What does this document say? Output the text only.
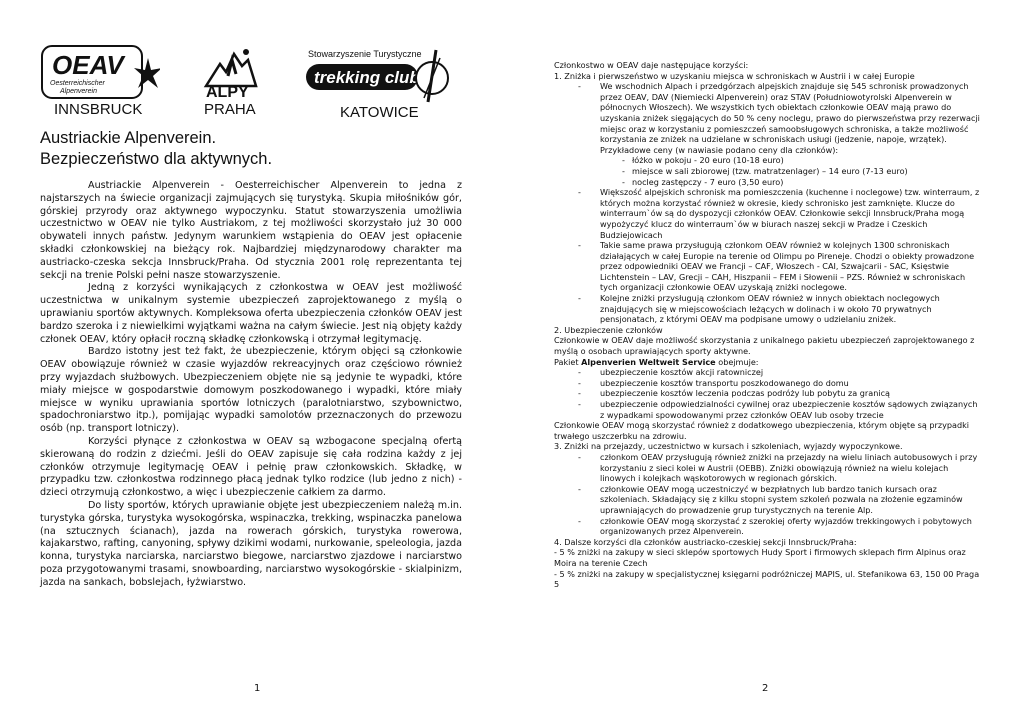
OEAV
Oesterreichischer
Alpenverein
INNSBRUCK
ALPY
PRAHA
Stowarzyszenie Turystyczne
trekking club
KATOWICE
Austriackie Alpenverein.
Bezpieczeństwo dla aktywnych.

Austriackie Alpenverein - Oesterreichischer Alpenverein to jedna z najstarszych na świecie organizacji zajmujących się turystyką. Skupia miłośników gór, górskiej przyrody oraz aktywnego wypoczynku. Statut stowarzyszenia umożliwia uczestnictwo w OEAV nie tylko Austriakom, z tej możliwości skorzystało już 30 000 obywateli innych państw. Jedynym warunkiem wstąpienia do OEAV jest opłacenie składki członkowskiej na bieżący rok. Najbardziej międzynarodowy charakter ma austriacko-czeska sekcja Innsbruck/Praha. Od stycznia 2001 rolę reprezentanta tej sekcji na trenie Polski pełni nasze stowarzyszenie.

Jedną z korzyści wynikających z członkostwa w OEAV jest możliwość uczestnictwa w unikalnym systemie ubezpieczeń zaprojektowanego z myślą o uprawianiu sportów aktywnych. Kompleksowa oferta ubezpieczenia członków OEAV jest bardzo szeroka i z niewielkimi wyjątkami ważna na całym świecie. Jest nią objęty każdy członek OEAV, który opłacił roczną składkę członkowską i otrzymał legitymację.

Bardzo istotny jest też fakt, że ubezpieczenie, którym objęci są członkowie OEAV obowiązuje również w czasie wyjazdów rekreacyjnych oraz częściowo również przy wyjazdach służbowych. Ubezpieczeniem objęte nie są jedynie te wypadki, które miały miejsce w gospodarstwie domowym poszkodowanego i wypadki, które miały miejsce w wyniku uprawiania sportów lotniczych (paralotniarstwo, szybownictwo, spadochroniarstwo itp.), pomijając wypadki samolotów przeznaczonych do przewozu osób (np. transport lotniczy).

Korzyści płynące z członkostwa w OEAV są wzbogacone specjalną ofertą skierowaną do rodzin z dziećmi. Jeśli do OEAV zapisuje się cała rodzina każdy z jej członków otrzymuje legitymację OEAV i pełnię praw członkowskich. Składkę, w przypadku tzw. członkostwa rodzinnego płacą jednak tylko rodzice (lub jedno z nich) - dzieci otrzymują członkostwo, a więc i ubezpieczenie całkiem za darmo.

Do listy sportów, których uprawianie objęte jest ubezpieczeniem należą m.in. turystyka górska, turystyka wysokogórska, wspinaczka, trekking, wspinaczka panelowa (na sztucznych ścianach), jazda na rowerach górskich, turystyka rowerowa, kajakarstwo, rafting, canyoning, spływy dzikimi wodami, nurkowanie, speleologia, jazda konna, turystyka narciarska, narciarstwo biegowe, narciarstwo zjazdowe i narciarstwo poza przygotowanymi trasami, snowboarding, narciarstwo wysokogórskie - skialpinizm, jazda na sankach, bobslejach, łyżwiarstwo.

1
Członkostwo w OEAV daje następujące korzyści:
1. Zniżka i pierwszeństwo w uzyskaniu miejsca w schroniskach w Austrii i w całej Europie
- We wschodnich Alpach i przedgórzach alpejskich znajduje się 545 schronisk prowadzonych przez OEAV, DAV (Niemiecki Alpenverein) oraz STAV (Południowotyrolski Alpenverein w północnych Włoszech). We wszystkich tych obiektach członkowie OEAV mają prawo do uzyskania zniżek sięgających do 50 % ceny noclegu, prawo do pierwszeństwa przy rezerwacji miejsc oraz w korzystaniu z pomieszczeń samoobsługowych schroniska, a także możliwość korzystania ze zniżek na udzielane w schroniskach usługi (jedzenie, napoje, wrzątek).
Przykładowe ceny (w nawiasie podano ceny dla członków):
- łóżko w pokoju - 20 euro (10-18 euro)
- miejsce w sali zbiorowej (tzw. matratzenlager) – 14 euro (7-13 euro)
- nocleg zastępczy - 7 euro (3,50 euro)
- Większość alpejskich schronisk ma pomieszczenia (kuchenne i noclegowe) tzw. winterraum, z których można korzystać również w okresie, kiedy schronisko jest zamknięte. Klucze do winterraum`ów są do dyspozycji członków OEAV. Członkowie sekcji Innsbruck/Praha mogą wypożyczyć klucz do winterraum`ów w biurach naszej sekcji w Pradze i Czeskich Budziejowicach
- Takie same prawa przysługują członkom OEAV również w kolejnych 1300 schroniskach działających w całej Europie na terenie od Olimpu po Pireneje. Chodzi o obiekty prowadzone przez odpowiedniki OEAV we Francji – CAF, Włoszech - CAI, Szwajcarii - SAC, Księstwie Lichtenstein – LAV, Grecji – CAH, Hiszpanii – FEM i Słowenii – PZS. Również w schroniskach tych organizacji członkowie OEAV uzyskają zniżki noclegowe.
- Kolejne zniżki przysługują członkom OEAV również w innych obiektach noclegowych znajdujących się w miejscowościach leżących w dolinach i w około 70 prywatnych pensjonatach, z którymi OEAV ma podpisane umowy o udzielaniu zniżek.
2. Ubezpieczenie członków
Członkowie w OEAV daje możliwość skorzystania z unikalnego pakietu ubezpieczeń zaprojektowanego z myślą o osobach uprawiających sporty aktywne.
Pakiet Alpenverien Weltweit Service obejmuje:
- ubezpieczenie kosztów akcji ratowniczej
- ubezpieczenie kosztów transportu poszkodowanego do domu
- ubezpieczenie kosztów leczenia podczas podróży lub pobytu za granicą
- ubezpieczenie odpowiedzialności cywilnej oraz ubezpieczenie kosztów sądowych związanych z wypadkami spowodowanymi przez członków OEAV lub osoby trzecie
Członkowie OEAV mogą skorzystać również z dodatkowego ubezpieczenia, którym objęte są przypadki trwałego uszczerbku na zdrowiu.
3. Zniżki na przejazdy, uczestnictwo w kursach i szkoleniach, wyjazdy wypoczynkowe.
- członkom OEAV przysługują również zniżki na przejazdy na wielu liniach autobusowych i przy korzystaniu z sieci kolei w Austrii (OEBB). Zniżki obowiązują również na wielu kolejach linowych i kolejkach wąskotorowych w regionach górskich.
- członkowie OEAV mogą uczestniczyć w bezpłatnych lub bardzo tanich kursach oraz szkoleniach. Składający się z kilku stopni system szkoleń pozwala na złożenie egzaminów uprawniających do prowadzenie grup turystycznych na terenie Alp.
- członkowie OEAV mogą skorzystać z szerokiej oferty wyjazdów trekkingowych i pobytowych organizowanych przez Alpenverein.
4. Dalsze korzyści dla członków austriacko-czeskiej sekcji Innsbruck/Praha:
- 5 % zniżki na zakupy w sieci sklepów sportowych Hudy Sport i firmowych sklepach firm Alpinus oraz Moira na terenie Czech
- 5 % zniżki na zakupy w specjalistycznej księgarni podróżniczej MAPIS, ul. Stefanikowa 63, 150 00 Praga 5
2
